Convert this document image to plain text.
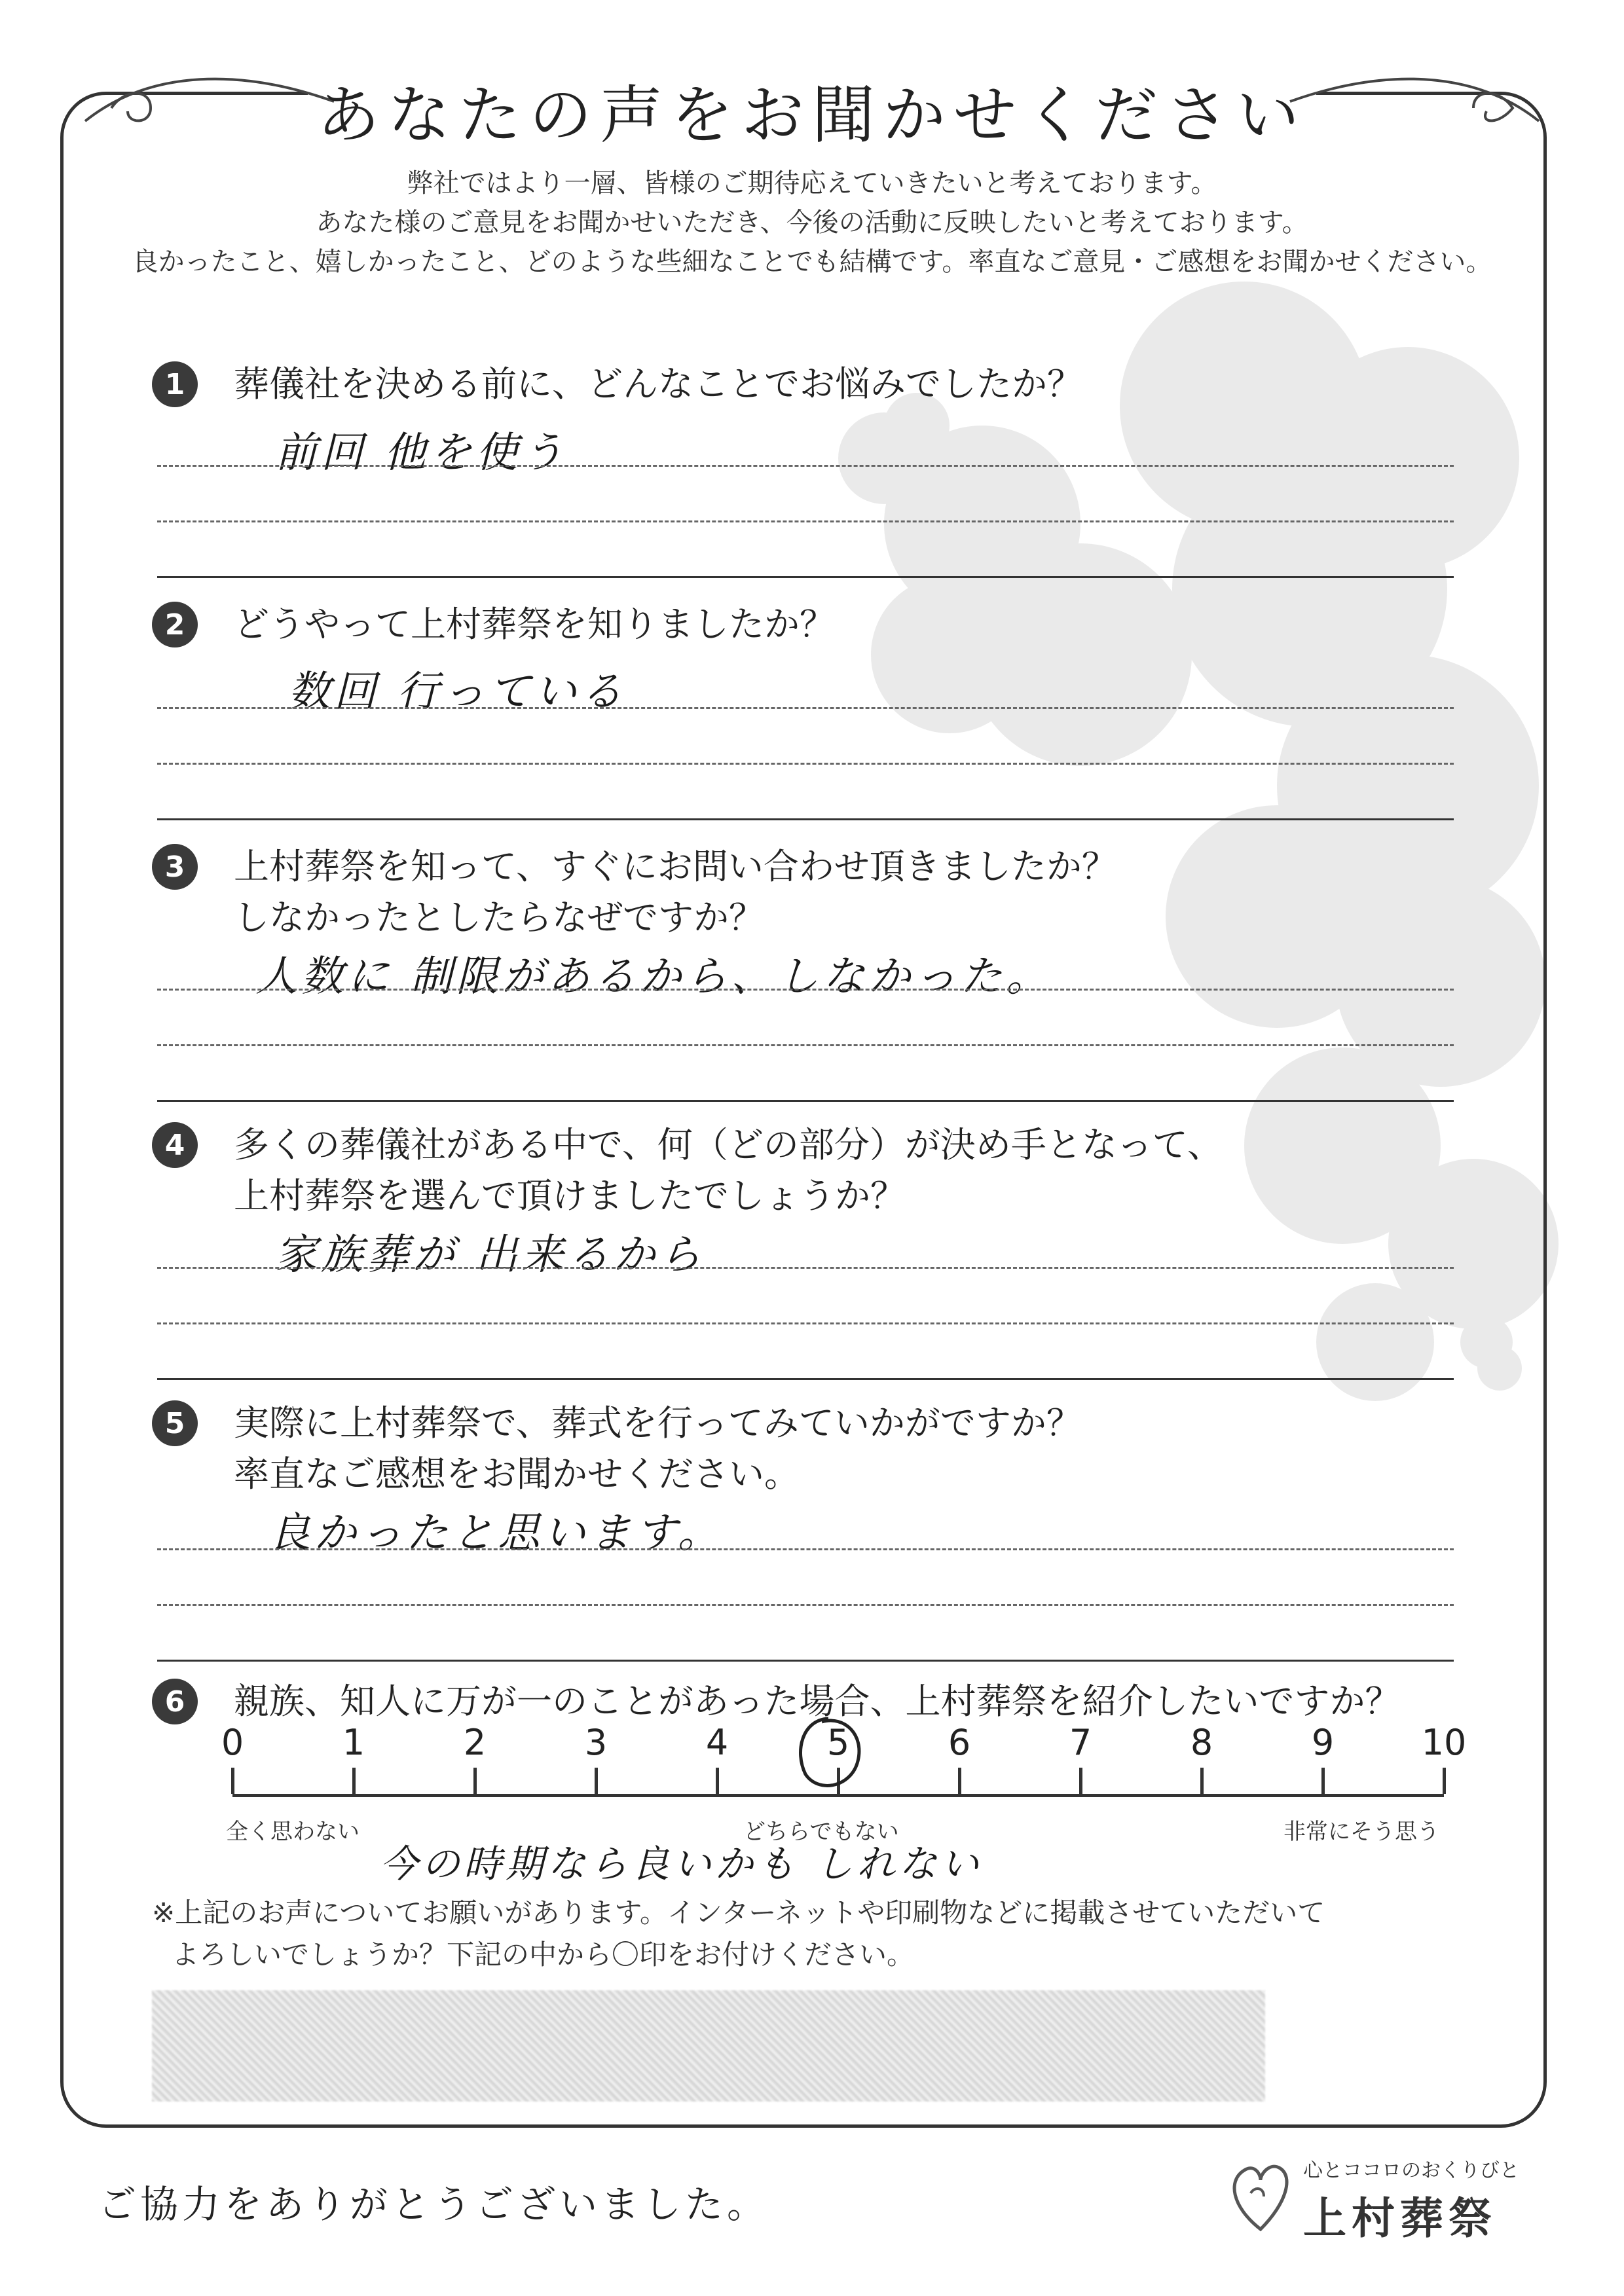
あなたの声をお聞かせください
弊社ではより一層、皆様のご期待応えていきたいと考えております。
あなた様のご意見をお聞かせいただき、今後の活動に反映したいと考えております。
良かったこと、嬉しかったこと、どのような些細なことでも結構です。率直なご意見・ご感想をお聞かせください。
1	葬儀社を決める前に、どんなことでお悩みでしたか？
前回 他を使う
2	どうやって上村葬祭を知りましたか？
数回 行っている
3	上村葬祭を知って、すぐにお問い合わせ頂きましたか？
しなかったとしたらなぜですか？
人数に 制限があるから、しなかった。
4	多くの葬儀社がある中で、何（どの部分）が決め手となって、
上村葬祭を選んで頂けましたでしょうか？
家族葬が 出来るから
5	実際に上村葬祭で、葬式を行ってみていかがですか？
率直なご感想をお聞かせください。
良かったと思います。
6	親族、知人に万が一のことがあった場合、上村葬祭を紹介したいですか？
0	1	2	3	4	5	6	7	8	9	10
全く思わない	どちらでもない	非常にそう思う
今の時期なら良いかも しれない
※上記のお声についてお願いがあります。インターネットや印刷物などに掲載させていただいて
よろしいでしょうか？下記の中から〇印をお付けください。
ご協力をありがとうございました。
心とココロのおくりびと
上村葬祭
